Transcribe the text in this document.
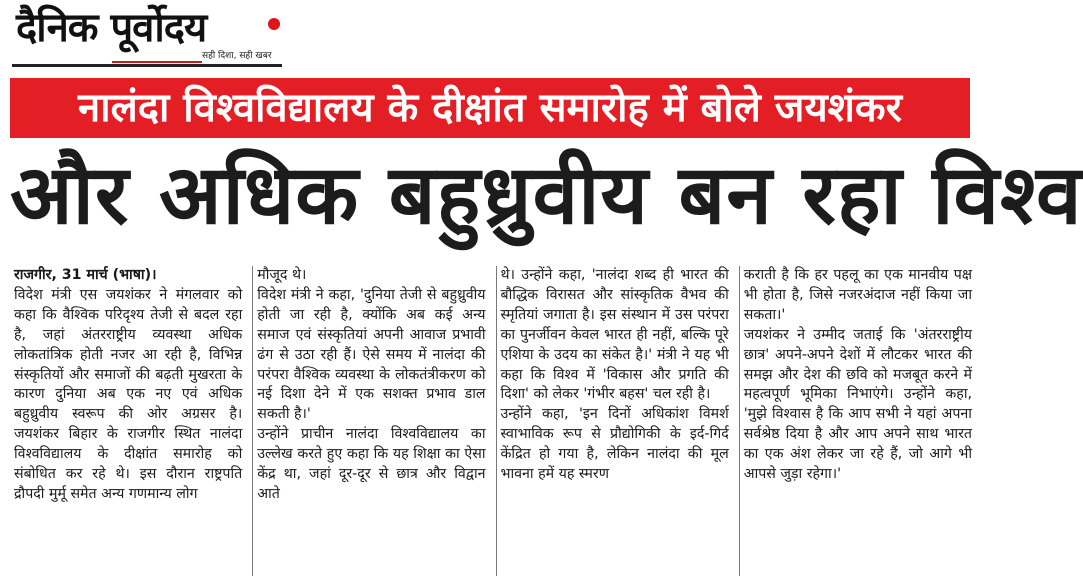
दैनिक पूर्वोदय
सही दिशा, सही खबर
नालंदा विश्वविद्यालय के दीक्षांत समारोह में बोले जयशंकर
और अधिक बहुध्रुवीय बन रहा विश्व

राजगीर, 31 मार्च (भाषा)।
विदेश मंत्री एस जयशंकर ने मंगलवार को कहा कि वैश्विक परिदृश्य तेजी से बदल रहा है, जहां अंतरराष्ट्रीय व्यवस्था अधिक लोकतांत्रिक होती नजर आ रही है, विभिन्न संस्कृतियों और समाजों की बढ़ती मुखरता के कारण दुनिया अब एक नए एवं अधिक बहुध्रुवीय स्वरूप की ओर अग्रसर है। जयशंकर बिहार के राजगीर स्थित नालंदा विश्वविद्यालय के दीक्षांत समारोह को संबोधित कर रहे थे। इस दौरान राष्ट्रपति द्रौपदी मुर्मू समेत अन्य गणमान्य लोग

मौजूद थे।

विदेश मंत्री ने कहा, 'दुनिया तेजी से बहुध्रुवीय होती जा रही है, क्योंकि अब कई अन्य समाज एवं संस्कृतियां अपनी आवाज प्रभावी ढंग से उठा रही हैं। ऐसे समय में नालंदा की परंपरा वैश्विक व्यवस्था के लोकतंत्रीकरण को नई दिशा देने में एक सशक्त प्रभाव डाल सकती है।'

उन्होंने प्राचीन नालंदा विश्वविद्यालय का उल्लेख करते हुए कहा कि यह शिक्षा का ऐसा केंद्र था, जहां दूर-दूर से छात्र और विद्वान आते

थे। उन्होंने कहा, 'नालंदा शब्द ही भारत की बौद्धिक विरासत और सांस्कृतिक वैभव की स्मृतियां जगाता है। इस संस्थान में उस परंपरा का पुनर्जीवन केवल भारत ही नहीं, बल्कि पूरे एशिया के उदय का संकेत है।' मंत्री ने यह भी कहा कि विश्व में 'विकास और प्रगति की दिशा' को लेकर 'गंभीर बहस' चल रही है।

उन्होंने कहा, 'इन दिनों अधिकांश विमर्श स्वाभाविक रूप से प्रौद्योगिकी के इर्द-गिर्द केंद्रित हो गया है, लेकिन नालंदा की मूल भावना हमें यह स्मरण

कराती है कि हर पहलू का एक मानवीय पक्ष भी होता है, जिसे नजरअंदाज नहीं किया जा सकता।'

जयशंकर ने उम्मीद जताई कि 'अंतरराष्ट्रीय छात्र' अपने-अपने देशों में लौटकर भारत की समझ और देश की छवि को मजबूत करने में महत्वपूर्ण भूमिका निभाएंगे। उन्होंने कहा, 'मुझे विश्वास है कि आप सभी ने यहां अपना सर्वश्रेष्ठ दिया है और आप अपने साथ भारत का एक अंश लेकर जा रहे हैं, जो आगे भी आपसे जुड़ा रहेगा।'
